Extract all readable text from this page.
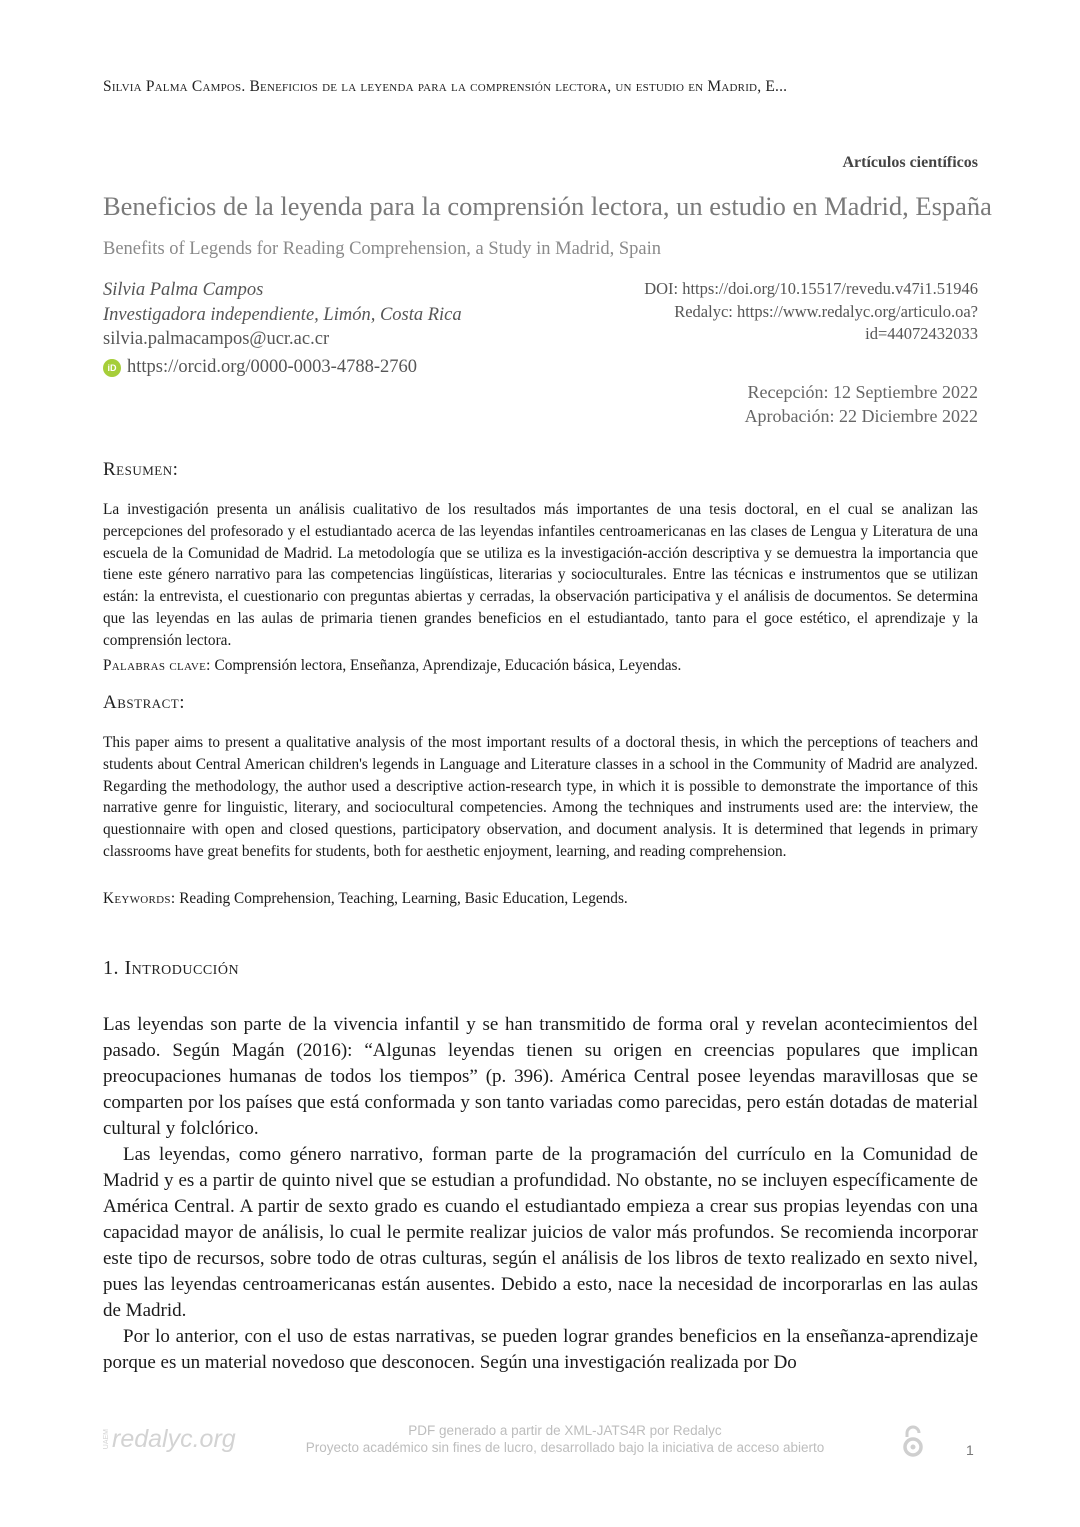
Silvia Palma Campos. Beneficios de la leyenda para la comprensión lectora, un estudio en Madrid, E...
Artículos científicos
Beneficios de la leyenda para la comprensión lectora, un estudio en Madrid, España
Benefits of Legends for Reading Comprehension, a Study in Madrid, Spain
Silvia Palma Campos
Investigadora independiente, Limón, Costa Rica
silvia.palmacampos@ucr.ac.cr
iD https://orcid.org/0000-0003-4788-2760
DOI: https://doi.org/10.15517/revedu.v47i1.51946
Redalyc: https://www.redalyc.org/articulo.oa?
id=44072432033
Recepción: 12 Septiembre 2022
Aprobación: 22 Diciembre 2022
Resumen:
La investigación presenta un análisis cualitativo de los resultados más importantes de una tesis doctoral, en el cual se analizan las percepciones del profesorado y el estudiantado acerca de las leyendas infantiles centroamericanas en las clases de Lengua y Literatura de una escuela de la Comunidad de Madrid. La metodología que se utiliza es la investigación-acción descriptiva y se demuestra la importancia que tiene este género narrativo para las competencias lingüísticas, literarias y socioculturales. Entre las técnicas e instrumentos que se utilizan están: la entrevista, el cuestionario con preguntas abiertas y cerradas, la observación participativa y el análisis de documentos. Se determina que las leyendas en las aulas de primaria tienen grandes beneficios en el estudiantado, tanto para el goce estético, el aprendizaje y la comprensión lectora.
Palabras clave: Comprensión lectora, Enseñanza, Aprendizaje, Educación básica, Leyendas.
Abstract:
This paper aims to present a qualitative analysis of the most important results of a doctoral thesis, in which the perceptions of teachers and students about Central American children's legends in Language and Literature classes in a school in the Community of Madrid are analyzed. Regarding the methodology, the author used a descriptive action-research type, in which it is possible to demonstrate the importance of this narrative genre for linguistic, literary, and sociocultural competencies. Among the techniques and instruments used are: the interview, the questionnaire with open and closed questions, participatory observation, and document analysis. It is determined that legends in primary classrooms have great benefits for students, both for aesthetic enjoyment, learning, and reading comprehension.
Keywords: Reading Comprehension, Teaching, Learning, Basic Education, Legends.
1. Introducción

Las leyendas son parte de la vivencia infantil y se han transmitido de forma oral y revelan acontecimientos del pasado. Según Magán (2016): “Algunas leyendas tienen su origen en creencias populares que implican preocupaciones humanas de todos los tiempos” (p. 396). América Central posee leyendas maravillosas que se comparten por los países que está conformada y son tanto variadas como parecidas, pero están dotadas de material cultural y folclórico.

Las leyendas, como género narrativo, forman parte de la programación del currículo en la Comunidad de Madrid y es a partir de quinto nivel que se estudian a profundidad. No obstante, no se incluyen específicamente de América Central. A partir de sexto grado es cuando el estudiantado empieza a crear sus propias leyendas con una capacidad mayor de análisis, lo cual le permite realizar juicios de valor más profundos. Se recomienda incorporar este tipo de recursos, sobre todo de otras culturas, según el análisis de los libros de texto realizado en sexto nivel, pues las leyendas centroamericanas están ausentes. Debido a esto, nace la necesidad de incorporarlas en las aulas de Madrid.

Por lo anterior, con el uso de estas narrativas, se pueden lograr grandes beneficios en la enseñanza-aprendizaje porque es un material novedoso que desconocen. Según una investigación realizada por Do

UAEM redalyc.org	PDF generado a partir de XML-JATS4R por Redalyc
Proyecto académico sin fines de lucro, desarrollado bajo la iniciativa de acceso abierto	1
